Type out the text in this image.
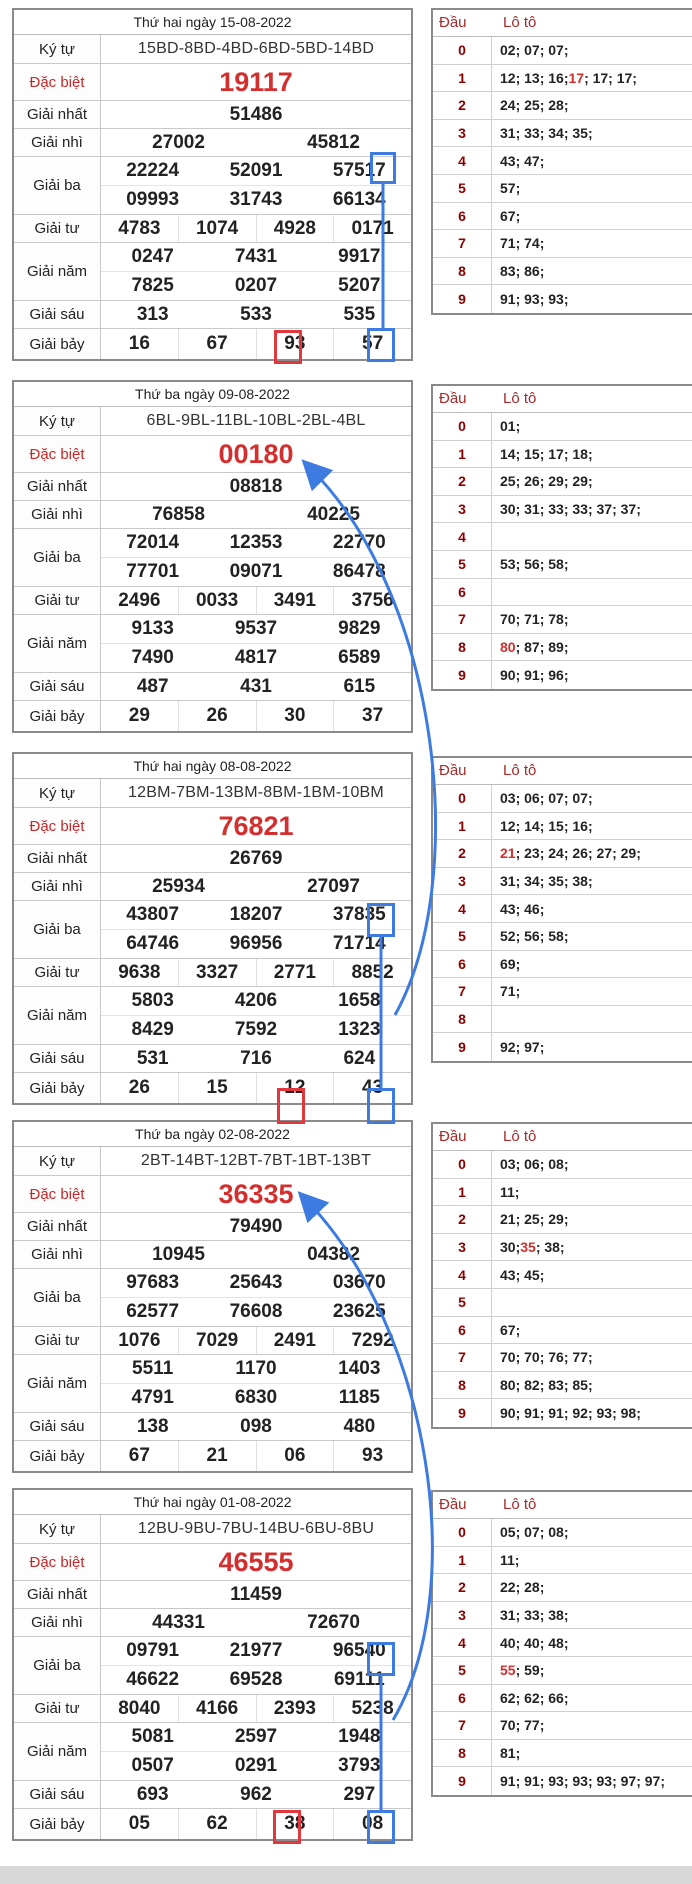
Thứ hai ngày 15-08-2022
Ký tự	15BD-8BD-4BD-6BD-5BD-14BD
Đặc biệt	19117
Giải nhất	51486
Giải nhì	27002	45812
Giải ba
22224	52091	57517
09993	31743	66134
Giải tư	4783	1074	4928	0171
Giải năm
0247	7431	9917
7825	0207	5207
Giải sáu	313	533	535
Giải bảy	16	67	93	57
Đầu	Lô tô
0	02; 07; 07;
1	12; 13; 16; 17 ; 17; 17;
2	24; 25; 28;
3	31; 33; 34; 35;
4	43; 47;
5	57;
6	67;
7	71; 74;
8	83; 86;
9	91; 93; 93;
Thứ ba ngày 09-08-2022
Ký tự	6BL-9BL-11BL-10BL-2BL-4BL
Đặc biệt	00180
Giải nhất	08818
Giải nhì	76858	40225
Giải ba
72014	12353	22770
77701	09071	86478
Giải tư	2496	0033	3491	3756
Giải năm
9133	9537	9829
7490	4817	6589
Giải sáu	487	431	615
Giải bảy	29	26	30	37
Đầu	Lô tô
0	01;
1	14; 15; 17; 18;
2	25; 26; 29; 29;
3	30; 31; 33; 33; 37; 37;
4
5	53; 56; 58;
6
7	70; 71; 78;
8	80 ; 87; 89;
9	90; 91; 96;
Thứ hai ngày 08-08-2022
Ký tự	12BM-7BM-13BM-8BM-1BM-10BM
Đặc biệt	76821
Giải nhất	26769
Giải nhì	25934	27097
Giải ba
43807	18207	37835
64746	96956	71714
Giải tư	9638	3327	2771	8852
Giải năm
5803	4206	1658
8429	7592	1323
Giải sáu	531	716	624
Giải bảy	26	15	12	43
Đầu	Lô tô
0	03; 06; 07; 07;
1	12; 14; 15; 16;
2	21 ; 23; 24; 26; 27; 29;
3	31; 34; 35; 38;
4	43; 46;
5	52; 56; 58;
6	69;
7	71;
8
9	92; 97;
Thứ ba ngày 02-08-2022
Ký tự	2BT-14BT-12BT-7BT-1BT-13BT
Đặc biệt	36335
Giải nhất	79490
Giải nhì	10945	04382
Giải ba
97683	25643	03670
62577	76608	23625
Giải tư	1076	7029	2491	7292
Giải năm
5511	1170	1403
4791	6830	1185
Giải sáu	138	098	480
Giải bảy	67	21	06	93
Đầu	Lô tô
0	03; 06; 08;
1	11;
2	21; 25; 29;
3	30; 35 ; 38;
4	43; 45;
5
6	67;
7	70; 70; 76; 77;
8	80; 82; 83; 85;
9	90; 91; 91; 92; 93; 98;
Thứ hai ngày 01-08-2022
Ký tự	12BU-9BU-7BU-14BU-6BU-8BU
Đặc biệt	46555
Giải nhất	11459
Giải nhì	44331	72670
Giải ba
09791	21977	96540
46622	69528	69111
Giải tư	8040	4166	2393	5238
Giải năm
5081	2597	1948
0507	0291	3793
Giải sáu	693	962	297
Giải bảy	05	62	38	08
Đầu	Lô tô
0	05; 07; 08;
1	11;
2	22; 28;
3	31; 33; 38;
4	40; 40; 48;
5	55 ; 59;
6	62; 62; 66;
7	70; 77;
8	81;
9	91; 91; 93; 93; 93; 97; 97;
